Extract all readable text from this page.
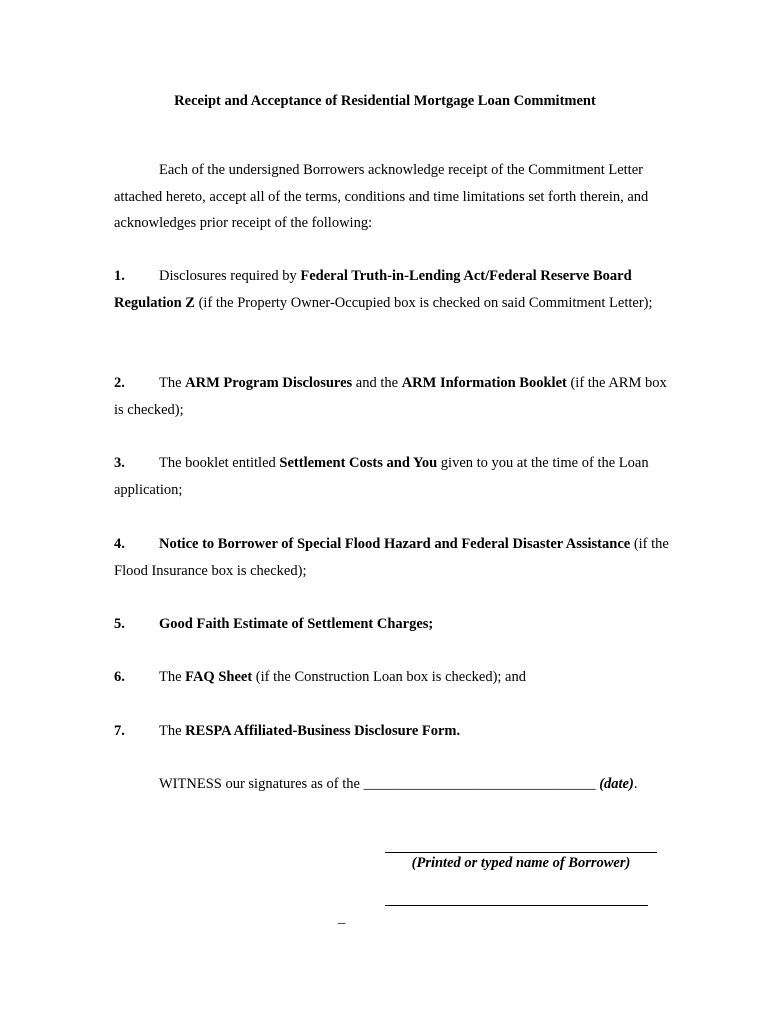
Receipt and Acceptance of Residential Mortgage Loan Commitment
Each of the undersigned Borrowers acknowledge receipt of the Commitment Letter attached hereto, accept all of the terms, conditions and time limitations set forth therein, and acknowledges prior receipt of the following:
1. Disclosures required by Federal Truth-in-Lending Act/Federal Reserve Board Regulation Z (if the Property Owner-Occupied box is checked on said Commitment Letter);
2. The ARM Program Disclosures and the ARM Information Booklet (if the ARM box is checked);
3. The booklet entitled Settlement Costs and You given to you at the time of the Loan application;
4. Notice to Borrower of Special Flood Hazard and Federal Disaster Assistance (if the Flood Insurance box is checked);
5. Good Faith Estimate of Settlement Charges;
6. The FAQ Sheet (if the Construction Loan box is checked); and
7. The RESPA Affiliated-Business Disclosure Form.
WITNESS our signatures as of the ________________________________ (date).
(Printed or typed name of Borrower)
_
